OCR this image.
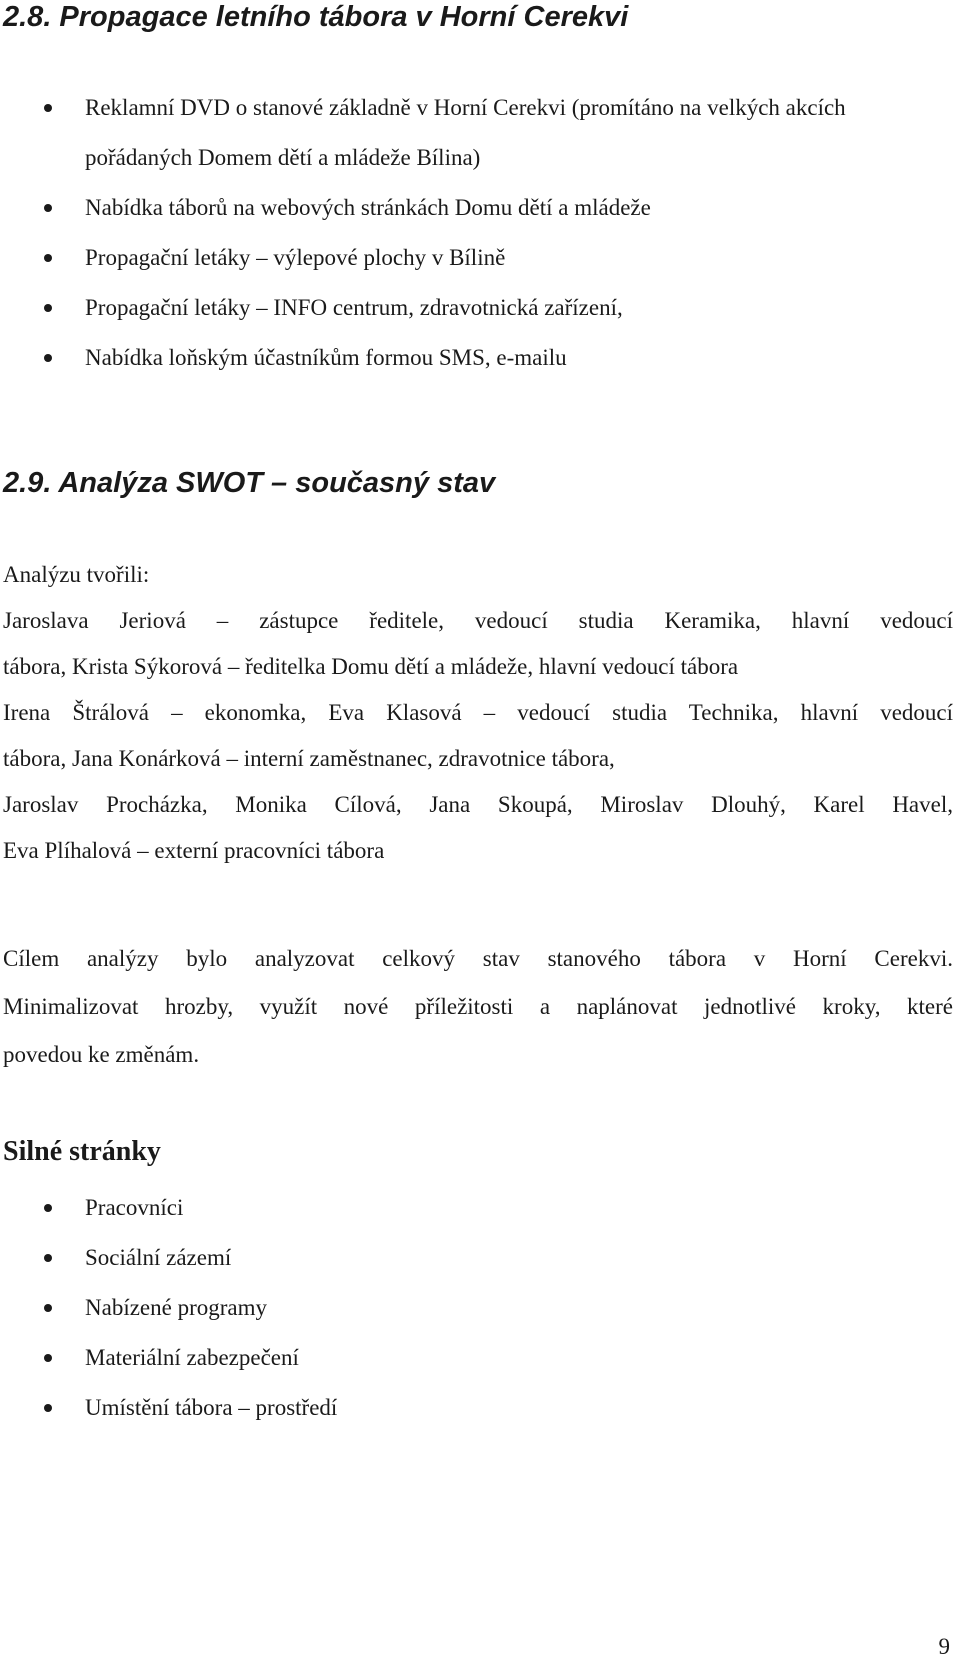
2.8. Propagace letního tábora v Horní Cerekvi
Reklamní DVD o stanové základně v Horní Cerekvi (promítáno na velkých akcích pořádaných Domem dětí a mládeže Bílina)
Nabídka táborů na webových stránkách Domu dětí a mládeže
Propagační letáky – výlepové plochy v Bílině
Propagační letáky – INFO centrum, zdravotnická zařízení,
Nabídka loňským účastníkům formou SMS, e-mailu
2.9. Analýza SWOT – současný stav

Analýzu tvořili:

Jaroslava Jeriová – zástupce ředitele, vedoucí studia Keramika, hlavní vedoucí
tábora, Krista Sýkorová – ředitelka Domu dětí a mládeže, hlavní vedoucí tábora
Irena Štrálová – ekonomka, Eva Klasová – vedoucí studia Technika, hlavní vedoucí
tábora, Jana Konárková – interní zaměstnanec, zdravotnice tábora,
Jaroslav Procházka, Monika Cílová, Jana Skoupá, Miroslav Dlouhý, Karel Havel,
Eva Plíhalová – externí pracovníci tábora

Cílem analýzy bylo analyzovat celkový stav stanového tábora v Horní Cerekvi.
Minimalizovat hrozby, využít nové příležitosti a naplánovat jednotlivé kroky, které
povedou ke změnám.

Silné stránky
Pracovníci
Sociální zázemí
Nabízené programy
Materiální zabezpečení
Umístění tábora – prostředí

9
